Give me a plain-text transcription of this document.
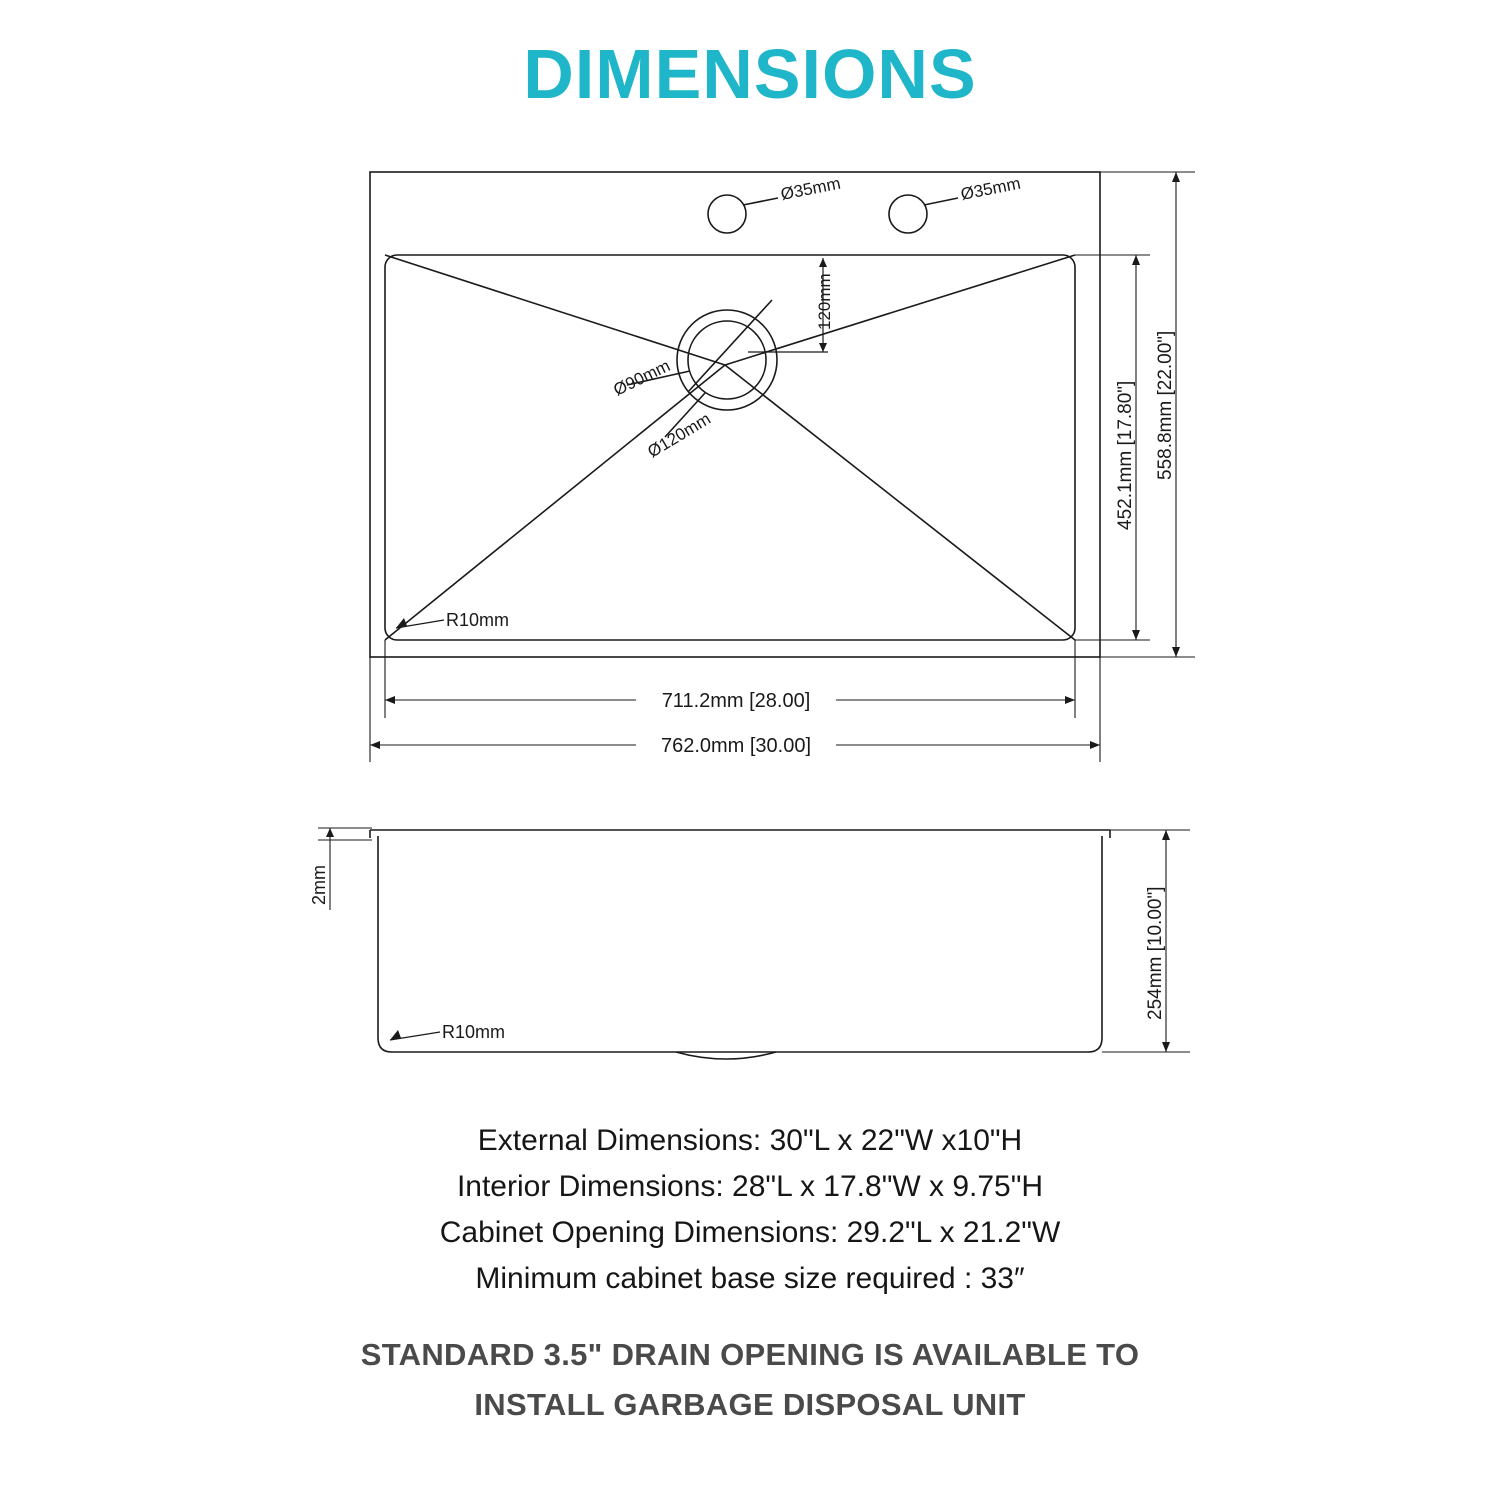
DIMENSIONS
Ø35mm	Ø35mm
Ø90mm
Ø120mm
120mm
R10mm
452.1mm [17.80"] 558.8mm [22.00"]
711.2mm [28.00]
762.0mm [30.00]
2mm
R10mm
254mm [10.00"]
External Dimensions: 30"L x 22"W x10"H
Interior Dimensions: 28"L x 17.8"W x 9.75"H
Cabinet Opening Dimensions: 29.2"L x 21.2"W
Minimum cabinet base size required : 33″
STANDARD 3.5" DRAIN OPENING IS AVAILABLE TO
INSTALL GARBAGE DISPOSAL UNIT
